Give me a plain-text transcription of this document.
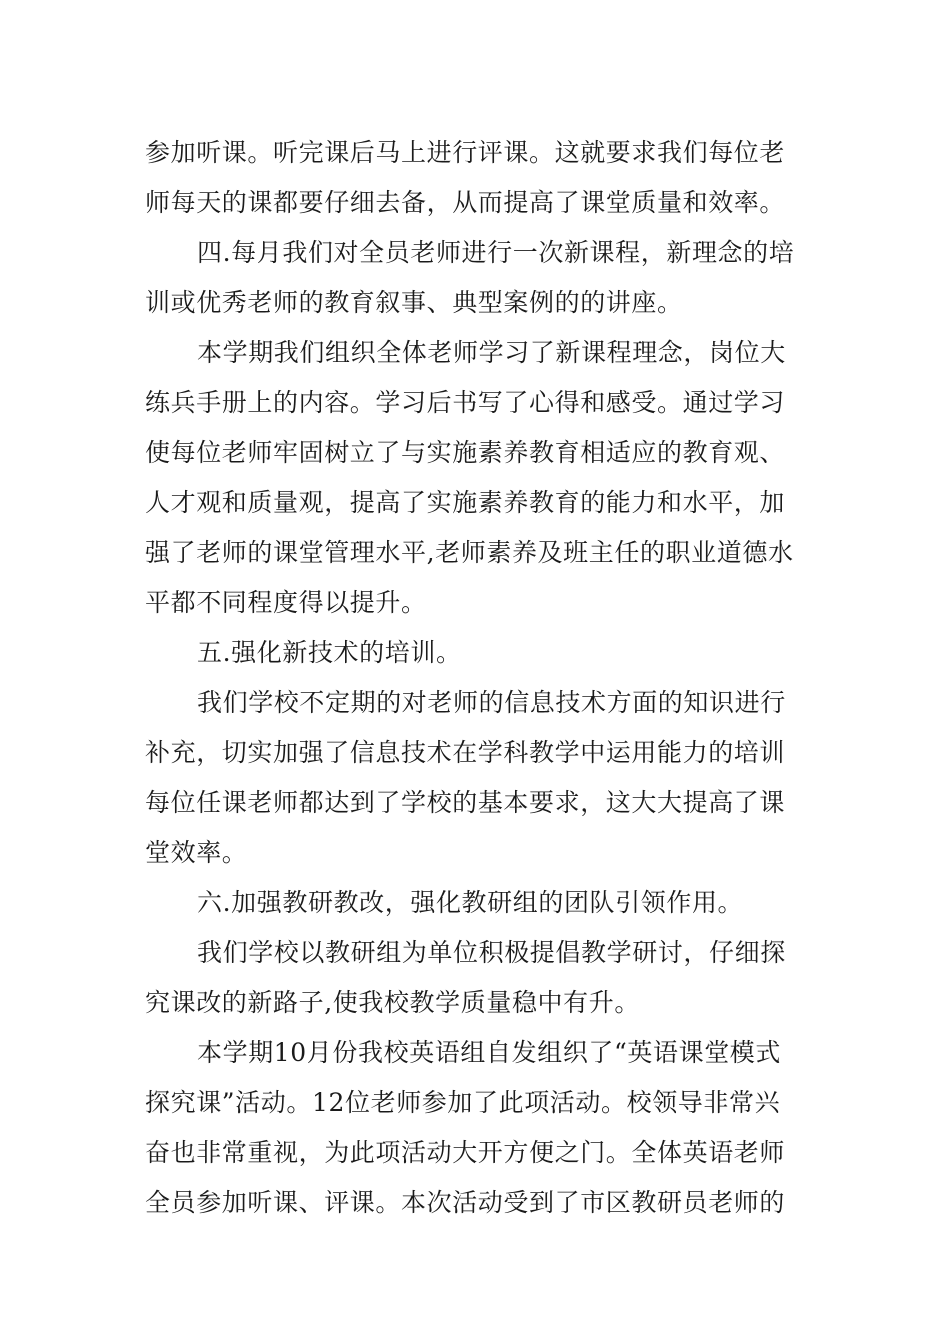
参加听课。听完课后马上进行评课。这就要求我们每位老
师每天的课都要仔细去备，从而提高了课堂质量和效率。
四.每月我们对全员老师进行一次新课程，新理念的培
训或优秀老师的教育叙事、典型案例的的讲座。
本学期我们组织全体老师学习了新课程理念，岗位大
练兵手册上的内容。学习后书写了心得和感受。通过学习
使每位老师牢固树立了与实施素养教育相适应的教育观、
人才观和质量观，提高了实施素养教育的能力和水平，加
强了老师的课堂管理水平,老师素养及班主任的职业道德水
平都不同程度得以提升。
五.强化新技术的培训。
我们学校不定期的对老师的信息技术方面的知识进行
补充，切实加强了信息技术在学科教学中运用能力的培训
每位任课老师都达到了学校的基本要求，这大大提高了课
堂效率。
六.加强教研教改，强化教研组的团队引领作用。
我们学校以教研组为单位积极提倡教学研讨，仔细探
究课改的新路子,使我校教学质量稳中有升。
本学期10月份我校英语组自发组织了“英语课堂模式
探究课”活动。12位老师参加了此项活动。校领导非常兴
奋也非常重视，为此项活动大开方便之门。全体英语老师
全员参加听课、评课。本次活动受到了市区教研员老师的
